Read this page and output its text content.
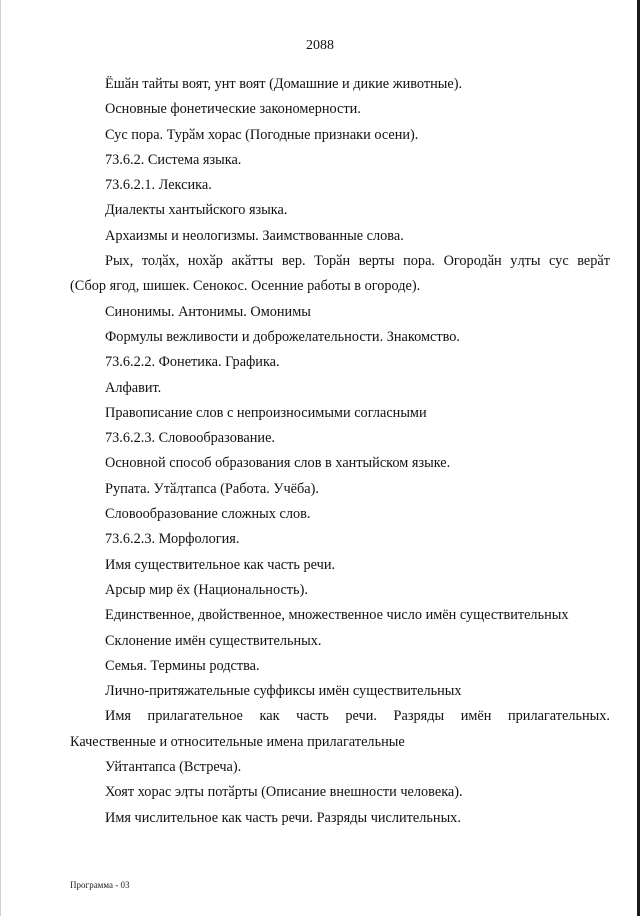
2088
Ёшӑн тайты воят, унт воят (Домашние и дикие животные).
Основные фонетические закономерности.
Сус пора. Турӑм хорас (Погодные признаки осени).
73.6.2. Система языка.
73.6.2.1. Лексика.
Диалекты хантыйского языка.
Архаизмы и неологизмы. Заимствованные слова.
Рых, тоӆӑх, нохӑр акӑтты вер. Торӑн верты пора. Огородӑн уӆты сус верӑт
(Сбор ягод, шишек. Сенокос. Осенние работы в огороде).
Синонимы. Антонимы. Омонимы
Формулы вежливости и доброжелательности. Знакомство.
73.6.2.2. Фонетика. Графика.
Алфавит.
Правописание слов с непроизносимыми согласными
73.6.2.3. Словообразование.
Основной способ образования слов в хантыйском языке.
Рупата. Утӑӆтапса (Работа. Учёба).
Словообразование сложных слов.
73.6.2.3. Морфология.
Имя существительное как часть речи.
Арсыр мир ёх (Национальность).
Единственное, двойственное, множественное число имён существительных
Склонение имён существительных.
Семья. Термины родства.
Лично-притяжательные суффиксы имён существительных
Имя прилагательное как часть речи. Разряды имён прилагательных.
Качественные и относительные имена прилагательные
Уйтантапса (Встреча).
Хоят хорас эӆты потӑрты (Описание внешности человека).
Имя числительное как часть речи. Разряды числительных.
Программа - 03
